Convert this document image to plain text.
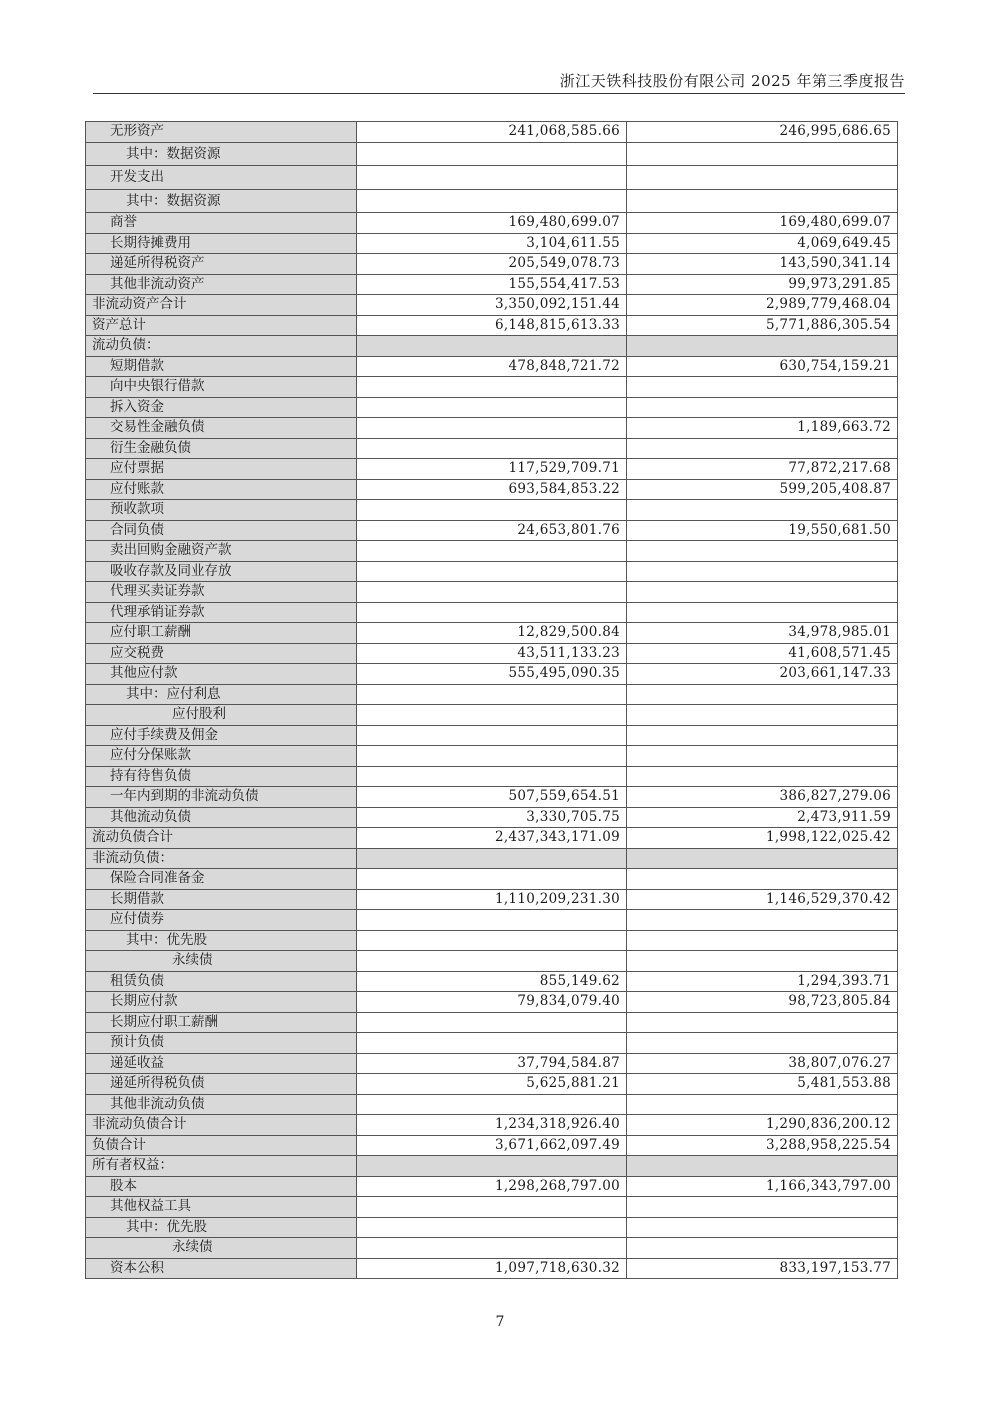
浙江天铁科技股份有限公司 2025 年第三季度报告
无形资产	241,068,585.66	246,995,686.65
其中：数据资源		
开发支出		
其中：数据资源		
商誉	169,480,699.07	169,480,699.07
长期待摊费用	3,104,611.55	4,069,649.45
递延所得税资产	205,549,078.73	143,590,341.14
其他非流动资产	155,554,417.53	99,973,291.85
非流动资产合计	3,350,092,151.44	2,989,779,468.04
资产总计	6,148,815,613.33	5,771,886,305.54
流动负债：		
短期借款	478,848,721.72	630,754,159.21
向中央银行借款		
拆入资金		
交易性金融负债		1,189,663.72
衍生金融负债		
应付票据	117,529,709.71	77,872,217.68
应付账款	693,584,853.22	599,205,408.87
预收款项		
合同负债	24,653,801.76	19,550,681.50
卖出回购金融资产款		
吸收存款及同业存放		
代理买卖证券款		
代理承销证券款		
应付职工薪酬	12,829,500.84	34,978,985.01
应交税费	43,511,133.23	41,608,571.45
其他应付款	555,495,090.35	203,661,147.33
其中：应付利息		
应付股利		
应付手续费及佣金		
应付分保账款		
持有待售负债		
一年内到期的非流动负债	507,559,654.51	386,827,279.06
其他流动负债	3,330,705.75	2,473,911.59
流动负债合计	2,437,343,171.09	1,998,122,025.42
非流动负债：		
保险合同准备金		
长期借款	1,110,209,231.30	1,146,529,370.42
应付债券		
其中：优先股		
永续债		
租赁负债	855,149.62	1,294,393.71
长期应付款	79,834,079.40	98,723,805.84
长期应付职工薪酬		
预计负债		
递延收益	37,794,584.87	38,807,076.27
递延所得税负债	5,625,881.21	5,481,553.88
其他非流动负债		
非流动负债合计	1,234,318,926.40	1,290,836,200.12
负债合计	3,671,662,097.49	3,288,958,225.54
所有者权益：		
股本	1,298,268,797.00	1,166,343,797.00
其他权益工具		
其中：优先股		
永续债		
资本公积	1,097,718,630.32	833,197,153.77
7
